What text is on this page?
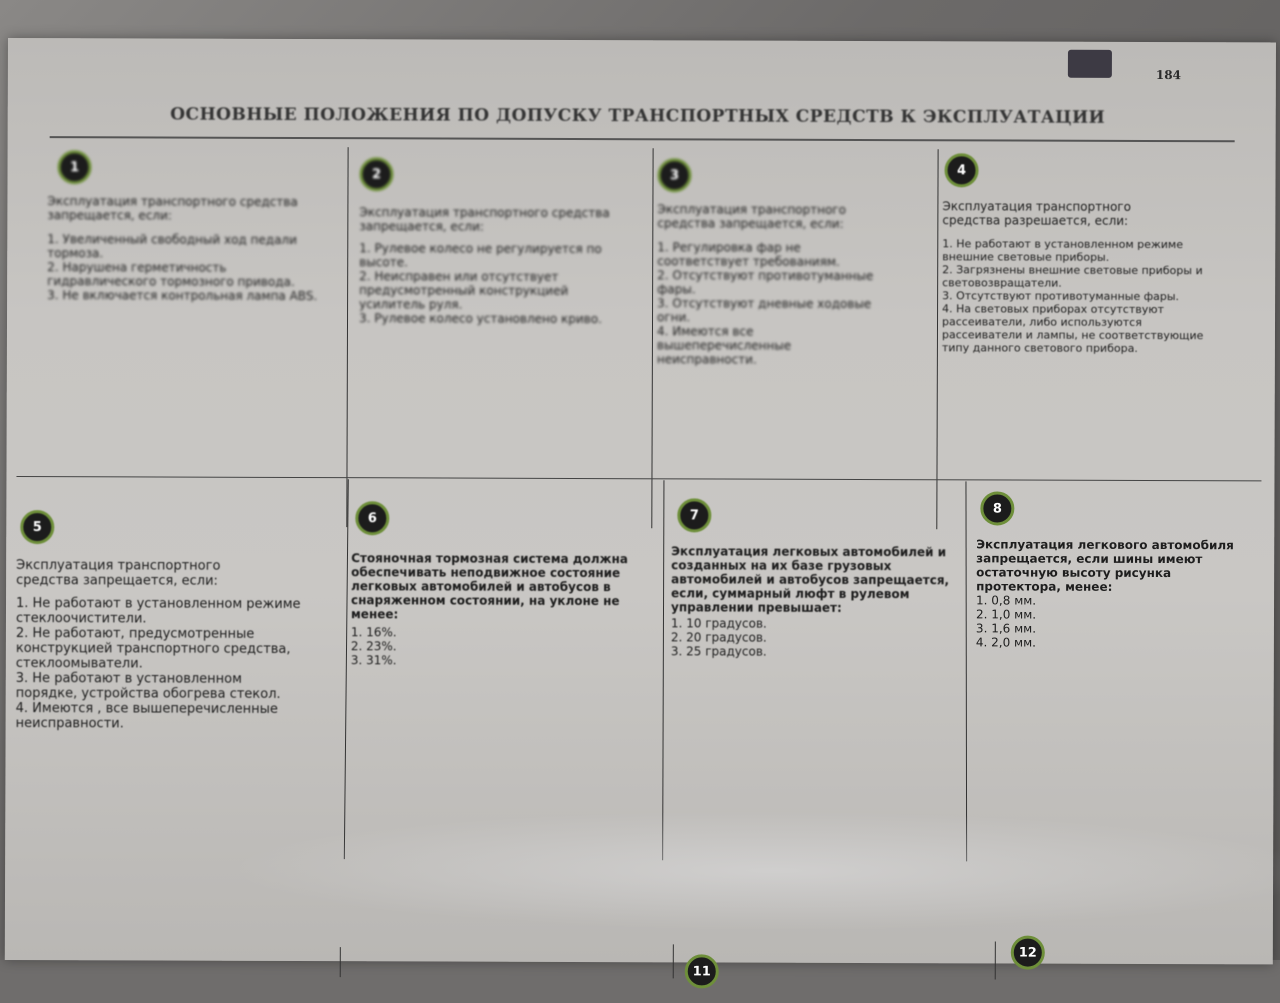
184
ОСНОВНЫЕ ПОЛОЖЕНИЯ ПО ДОПУСКУ ТРАНСПОРТНЫХ СРЕДСТВ К ЭКСПЛУАТАЦИИ
1

Эксплуатация транспортного средства запрещается, если:

1. Увеличенный свободный ход педали тормоза.
2. Нарушена герметичность гидравлического тормозного привода.
3. Не включается контрольная лампа ABS.
2

Эксплуатация транспортного средства запрещается, если:

1. Рулевое колесо не регулируется по высоте.
2. Неисправен или отсутствует предусмотренный конструкцией усилитель руля.
3. Рулевое колесо установлено криво.
3

Эксплуатация транспортного средства запрещается, если:

1. Регулировка фар не соответствует требованиям.
2. Отсутствуют противотуманные фары.
3. Отсутствуют дневные ходовые огни.
4. Имеются все вышеперечисленные неисправности.
4

Эксплуатация транспортного средства разрешается, если:

1. Не работают в установленном режиме внешние световые приборы.
2. Загрязнены внешние световые приборы и световозвращатели.
3. Отсутствуют противотуманные фары.
4. На световых приборах отсутствуют рассеиватели, либо используются рассеиватели и лампы, не соответствующие типу данного светового прибора.
5

Эксплуатация транспортного средства запрещается, если:

1. Не работают в установленном режиме стеклоочистители.
2. Не работают, предусмотренные конструкцией транспортного средства, стеклоомыватели.
3. Не работают в установленном порядке, устройства обогрева стекол.
4. Имеются , все вышеперечисленные неисправности.
6

Стояночная тормозная система должна обеспечивать неподвижное состояние легковых автомобилей и автобусов в снаряженном состоянии, на уклоне не менее:

1. 16%.
2. 23%.
3. 31%.
7

Эксплуатация легковых автомобилей и созданных на их базе грузовых автомобилей и автобусов запрещается, если, суммарный люфт в рулевом управлении превышает:

1. 10 градусов.
2. 20 градусов.
3. 25 градусов.
8

Эксплуатация легкового автомобиля запрещается, если шины имеют остаточную высоту рисунка протектора, менее:

1. 0,8 мм.
2. 1,0 мм.
3. 1,6 мм.
4. 2,0 мм.
11
12
